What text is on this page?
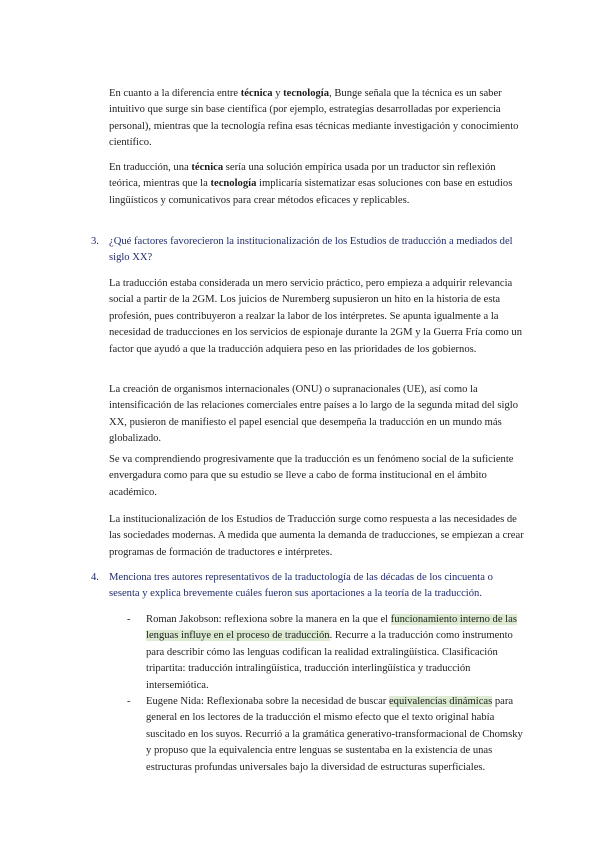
En cuanto a la diferencia entre técnica y tecnología, Bunge señala que la técnica es un saber intuitivo que surge sin base científica (por ejemplo, estrategias desarrolladas por experiencia personal), mientras que la tecnología refina esas técnicas mediante investigación y conocimiento científico.

En traducción, una técnica sería una solución empírica usada por un traductor sin reflexión teórica, mientras que la tecnología implicaría sistematizar esas soluciones con base en estudios lingüísticos y comunicativos para crear métodos eficaces y replicables.

3. ¿Qué factores favorecieron la institucionalización de los Estudios de traducción a mediados del siglo XX?

La traducción estaba considerada un mero servicio práctico, pero empieza a adquirir relevancia social a partir de la 2GM. Los juicios de Nuremberg supusieron un hito en la historia de esta profesión, pues contribuyeron a realzar la labor de los intérpretes. Se apunta igualmente a la necesidad de traducciones en los servicios de espionaje durante la 2GM y la Guerra Fría como un factor que ayudó a que la traducción adquiera peso en las prioridades de los gobiernos.

La creación de organismos internacionales (ONU) o supranacionales (UE), así como la intensificación de las relaciones comerciales entre países a lo largo de la segunda mitad del siglo XX, pusieron de manifiesto el papel esencial que desempeña la traducción en un mundo más globalizado.

Se va comprendiendo progresivamente que la traducción es un fenómeno social de la suficiente envergadura como para que su estudio se lleve a cabo de forma institucional en el ámbito académico.

La institucionalización de los Estudios de Traducción surge como respuesta a las necesidades de las sociedades modernas. A medida que aumenta la demanda de traducciones, se empiezan a crear programas de formación de traductores e intérpretes.

4. Menciona tres autores representativos de la traductología de las décadas de los cincuenta o sesenta y explica brevemente cuáles fueron sus aportaciones a la teoría de la traducción.
- Roman Jakobson: reflexiona sobre la manera en la que el funcionamiento interno de las lenguas influye en el proceso de traducción. Recurre a la traducción como instrumento para describir cómo las lenguas codifican la realidad extralingüística. Clasificación tripartita: traducción intralingüística, traducción interlingüística y traducción intersemiótica.
- Eugene Nida: Reflexionaba sobre la necesidad de buscar equivalencias dinámicas para general en los lectores de la traducción el mismo efecto que el texto original había suscitado en los suyos. Recurrió a la gramática generativo-transformacional de Chomsky y propuso que la equivalencia entre lenguas se sustentaba en la existencia de unas estructuras profundas universales bajo la diversidad de estructuras superficiales.
